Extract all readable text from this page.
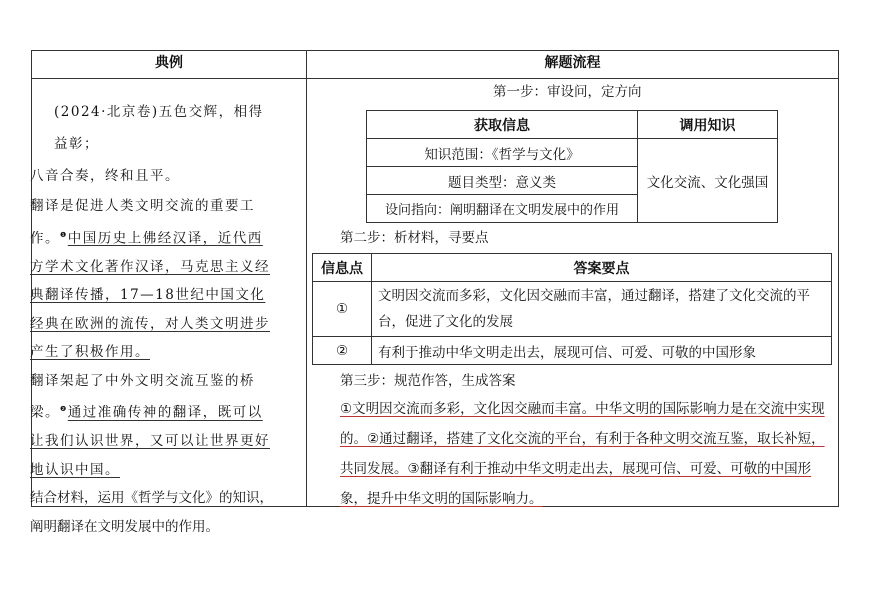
典例	解题流程
(2024·北京卷)五色交辉，相得益彰；
八音合奏，终和且平。
翻译是促进人类文明交流的重要工作。$^❶$中国历史上佛经汉译，近代西方学术文化著作汉译，马克思主义经典翻译传播，17—18世纪中国文化经典在欧洲的流传，对人类文明进步产生了积极作用。
翻译架起了中外文明交流互鉴的桥梁。$^❷$通过准确传神的翻译，既可以让我们认识世界，又可以让世界更好地认识中国。
结合材料，运用《哲学与文化》的知识，阐明翻译在文明发展中的作用。
第一步：审设问，定方向
获取信息	调用知识
知识范围：《哲学与文化》	文化交流、文化强国
题目类型：意义类	
设问指向：阐明翻译在文明发展中的作用	
第二步：析材料，寻要点
信息点	答案要点
①	文明因交流而多彩，文化因交融而丰富，通过翻译，搭建了文化交流的平台，促进了文化的发展
②	有利于推动中华文明走出去，展现可信、可爱、可敬的中国形象
第三步：规范作答，生成答案
①文明因交流而多彩，文化因交融而丰富。中华文明的国际影响力是在交流中实现的。②通过翻译，搭建了文化交流的平台，有利于各种文明交流互鉴，取长补短，共同发展。③翻译有利于推动中华文明走出去，展现可信、可爱、可敬的中国形象，提升中华文明的国际影响力。
